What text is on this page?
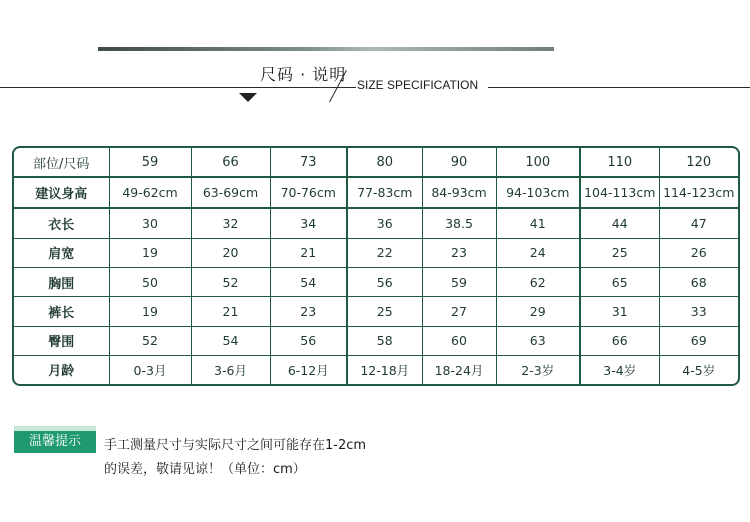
尺码 · 说明
SIZE SPECIFICATION
部位/尺码	59	66	73	80	90	100	110	120
建议身高	49-62cm	63-69cm	70-76cm	77-83cm	84-93cm	94-103cm	104-113cm	114-123cm
衣长	30	32	34	36	38.5	41	44	47
肩宽	19	20	21	22	23	24	25	26
胸围	50	52	54	56	59	62	65	68
裤长	19	21	23	25	27	29	31	33
臀围	52	54	56	58	60	63	66	69
月龄	0-3月	3-6月	6-12月	12-18月	18-24月	2-3岁	3-4岁	4-5岁
温馨提示	手工测量尺寸与实际尺寸之间可能存在1-2cm
的误差，敬请见谅！（单位：cm）
